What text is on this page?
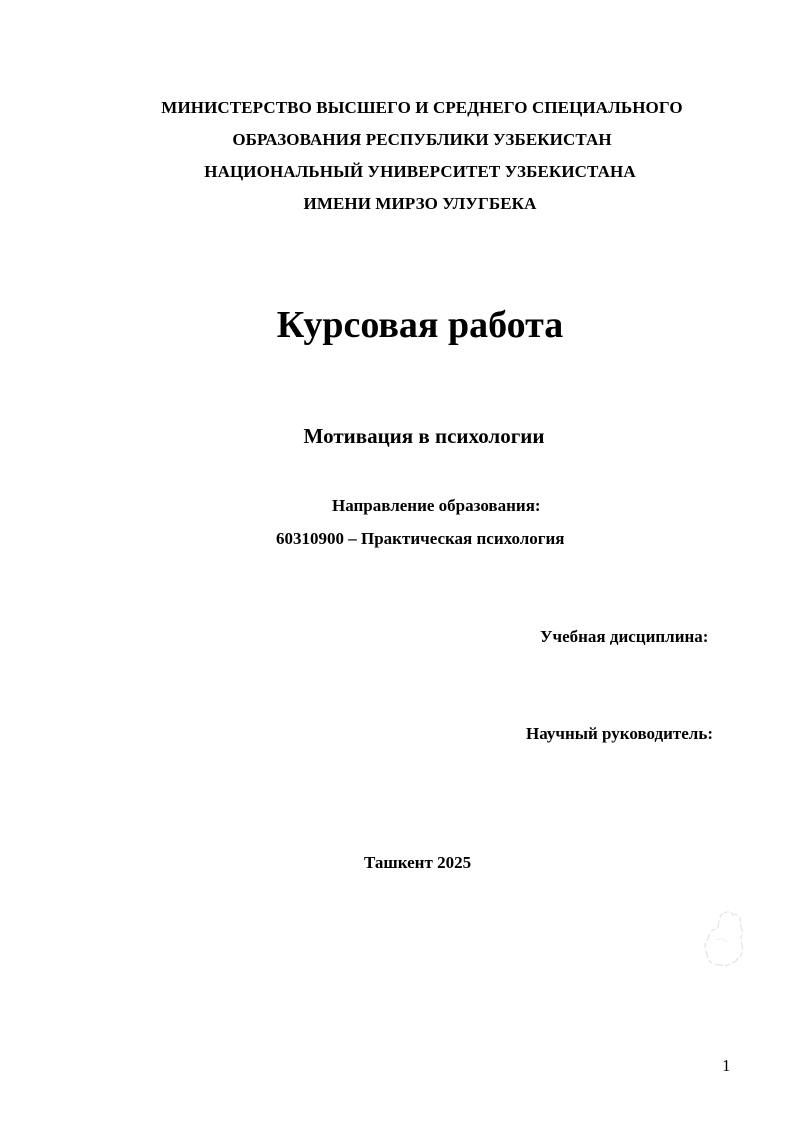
МИНИСТЕРСТВО ВЫСШЕГО И СРЕДНЕГО СПЕЦИАЛЬНОГО
ОБРАЗОВАНИЯ РЕСПУБЛИКИ УЗБЕКИСТАН
НАЦИОНАЛЬНЫЙ УНИВЕРСИТЕТ УЗБЕКИСТАНА
ИМЕНИ МИРЗО УЛУГБЕКА
Курсовая работа
Мотивация в психологии
Направление образования:
60310900 – Практическая психология
Учебная дисциплина:
Научный руководитель:
Ташкент 2025
1
